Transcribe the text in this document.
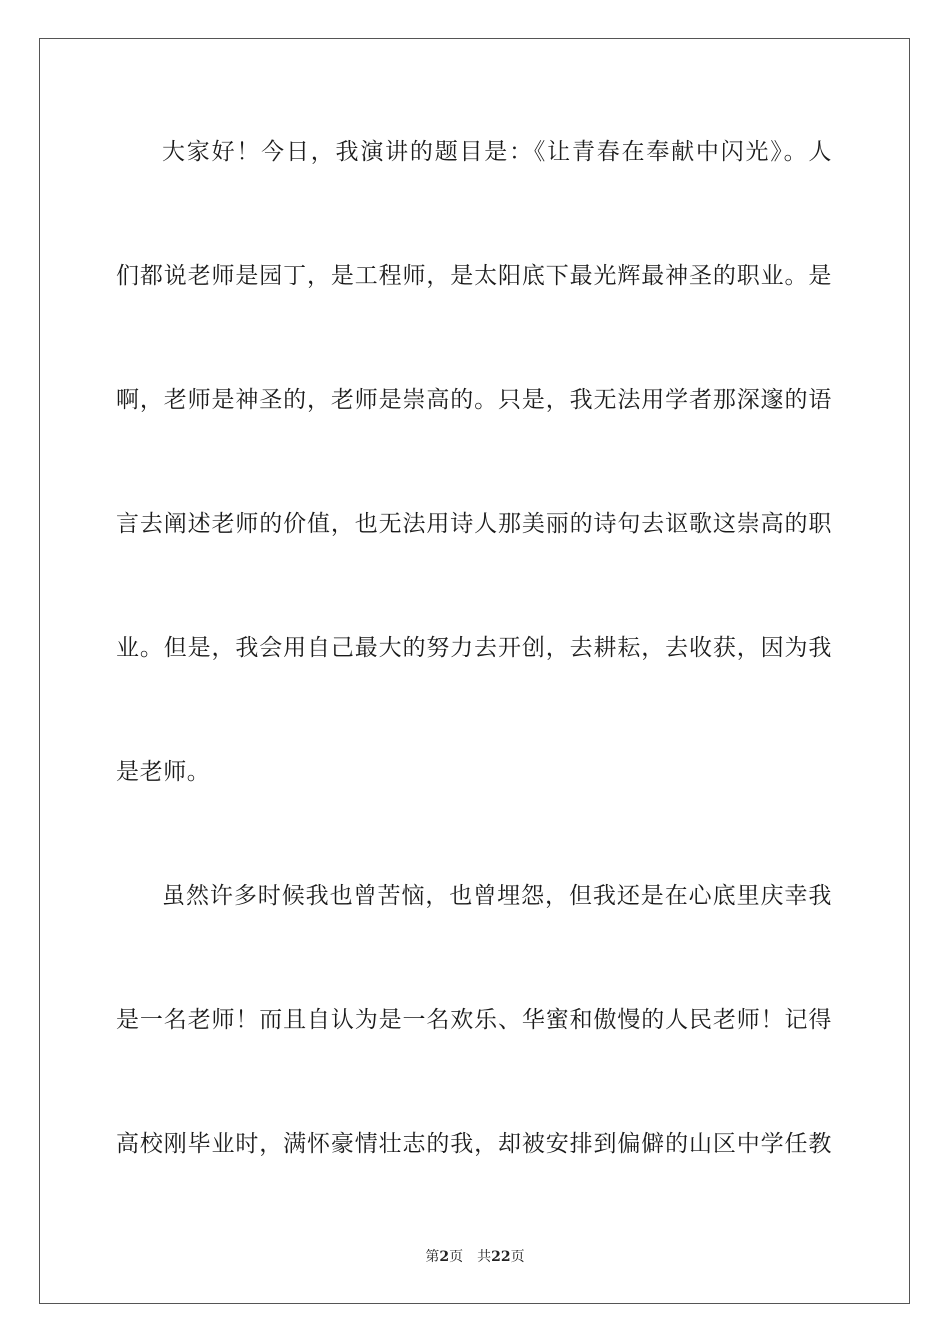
大家好！今日，我演讲的题目是：《让青春在奉献中闪光》。人
们都说老师是园丁，是工程师，是太阳底下最光辉最神圣的职业。是
啊，老师是神圣的，老师是崇高的。只是，我无法用学者那深邃的语
言去阐述老师的价值，也无法用诗人那美丽的诗句去讴歌这崇高的职
业。但是，我会用自己最大的努力去开创，去耕耘，去收获，因为我
是老师。
虽然许多时候我也曾苦恼，也曾埋怨，但我还是在心底里庆幸我
是一名老师！而且自认为是一名欢乐、华蜜和傲慢的人民老师！记得
高校刚毕业时，满怀豪情壮志的我，却被安排到偏僻的山区中学任教
第2页 共22页
